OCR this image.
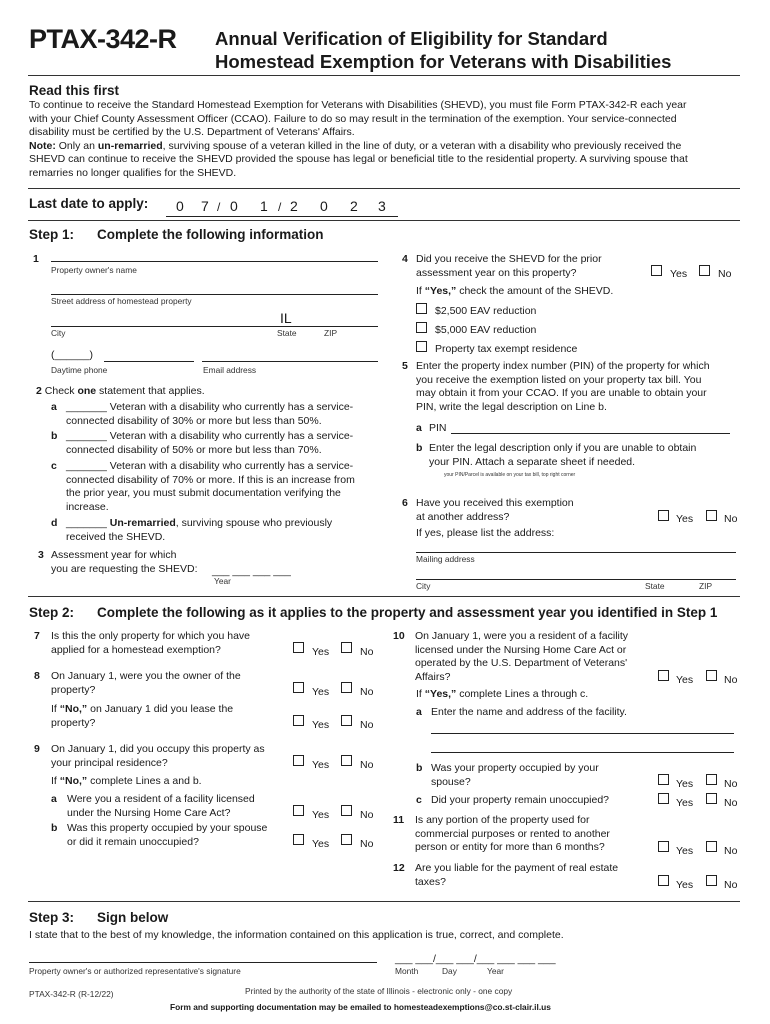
PTAX-342-R Annual Verification of Eligibility for Standard
Homestead Exemption for Veterans with Disabilities
Read this first
To continue to receive the Standard Homestead Exemption for Veterans with Disabilities (SHEVD), you must file Form PTAX-342-R each year
with your Chief County Assessment Officer (CCAO). Failure to do so may result in the termination of the exemption. Your service-connected
disability must be certified by the U.S. Department of Veterans' Affairs.
Note: Only an un-remarried, surviving spouse of a veteran killed in the line of duty, or a veteran with a disability who previously received the
SHEVD can continue to receive the SHEVD provided the spouse has legal or beneficial title to the residential property. A surviving spouse that
remarries no longer qualifies for the SHEVD.
Last date to apply: 0 7 / 0 1 / 2 0 2 3
Step 1: Complete the following information
1
Property owner's name
Street address of homestead property
IL
City	State	ZIP
(______)
Daytime phone	Email address
2 Check one statement that applies.
a _______ Veteran with a disability who currently has a service-
connected disability of 30% or more but less than 50%.
b _______ Veteran with a disability who currently has a service-
connected disability of 50% or more but less than 70%.
c _______ Veteran with a disability who currently has a service-
connected disability of 70% or more. If this is an increase from
the prior year, you must submit documentation verifying the
increase.
d _______ Un-remarried, surviving spouse who previously
received the SHEVD.
3 Assessment year for which
you are requesting the SHEVD: ___ ___ ___ ___
Year
4 Did you receive the SHEVD for the prior
assessment year on this property?	Yes	No
If “Yes,” check the amount of the SHEVD.
$2,500 EAV reduction
$5,000 EAV reduction
Property tax exempt residence
5 Enter the property index number (PIN) of the property for which
you receive the exemption listed on your property tax bill. You
may obtain it from your CCAO. If you are unable to obtain your
PIN, write the legal description on Line b.
a PIN
b Enter the legal description only if you are unable to obtain
your PIN. Attach a separate sheet if needed.
your PIN/Parcel is available on your tax bill, top right corner
6 Have you received this exemption
at another address?	Yes	No
If yes, please list the address:
Mailing address
City	State	ZIP
Step 2: Complete the following as it applies to the property and assessment year you identified in Step 1
7 Is this the only property for which you have
applied for a homestead exemption?	Yes	No
8 On January 1, were you the owner of the
property?	Yes	No
If “No,” on January 1 did you lease the
property?	Yes	No
9 On January 1, did you occupy this property as
your principal residence?	Yes	No
If “No,” complete Lines a and b.
a Were you a resident of a facility licensed
under the Nursing Home Care Act?	Yes	No
b Was this property occupied by your spouse
or did it remain unoccupied?	Yes	No
10 On January 1, were you a resident of a facility
licensed under the Nursing Home Care Act or
operated by the U.S. Department of Veterans'
Affairs?	Yes	No
If “Yes,” complete Lines a through c.
a Enter the name and address of the facility.
b Was your property occupied by your
spouse?	Yes	No
c Did your property remain unoccupied?	Yes	No
11 Is any portion of the property used for
commercial purposes or rented to another
person or entity for more than 6 months?	Yes	No
12 Are you liable for the payment of real estate
taxes?	Yes	No
Step 3: Sign below
I state that to the best of my knowledge, the information contained on this application is true, correct, and complete.
Property owner's or authorized representative's signature
___ ___/___ ___/___ ___ ___ ___
Month	Day	Year
PTAX-342-R (R-12/22)	Printed by the authority of the state of Illinois - electronic only - one copy
Form and supporting documentation may be emailed to homesteadexemptions@co.st-clair.il.us
